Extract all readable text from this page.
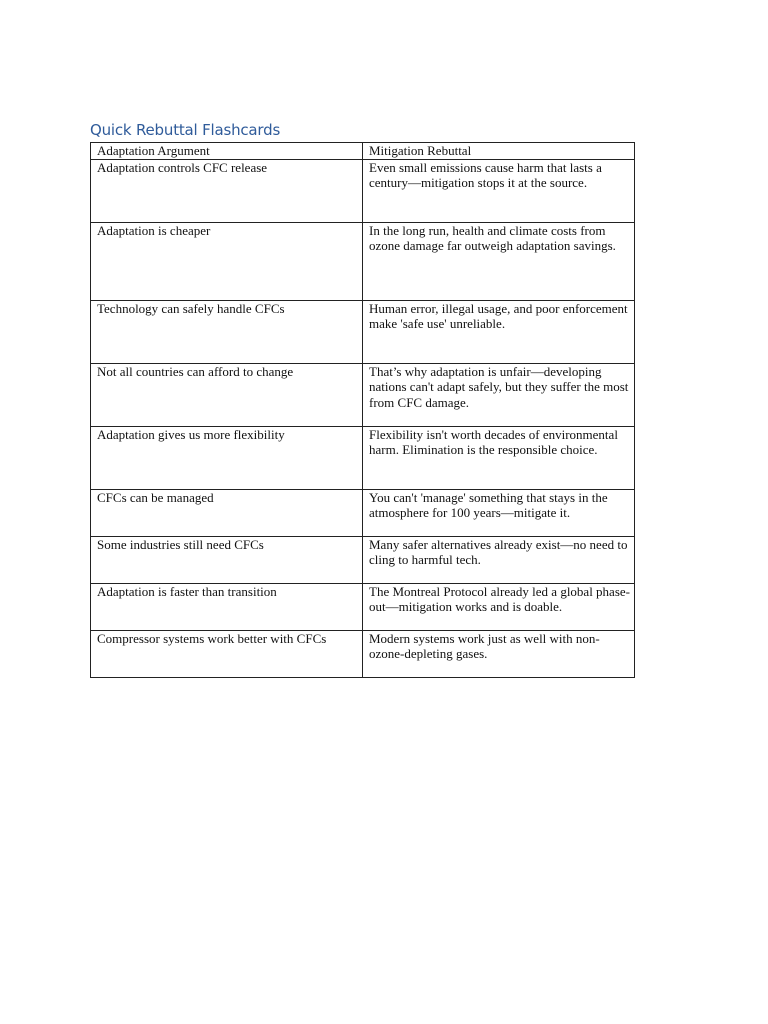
Quick Rebuttal Flashcards
Adaptation Argument	Mitigation Rebuttal
Adaptation controls CFC release	Even small emissions cause harm that lasts a century—mitigation stops it at the source.
Adaptation is cheaper	In the long run, health and climate costs from ozone damage far outweigh adaptation savings.
Technology can safely handle CFCs	Human error, illegal usage, and poor enforcement make 'safe use' unreliable.
Not all countries can afford to change	That’s why adaptation is unfair—developing nations can't adapt safely, but they suffer the most from CFC damage.
Adaptation gives us more flexibility	Flexibility isn't worth decades of environmental harm. Elimination is the responsible choice.
CFCs can be managed	You can't 'manage' something that stays in the atmosphere for 100 years—mitigate it.
Some industries still need CFCs	Many safer alternatives already exist—no need to cling to harmful tech.
Adaptation is faster than transition	The Montreal Protocol already led a global phase-out—mitigation works and is doable.
Compressor systems work better with CFCs	Modern systems work just as well with non-ozone-depleting gases.
